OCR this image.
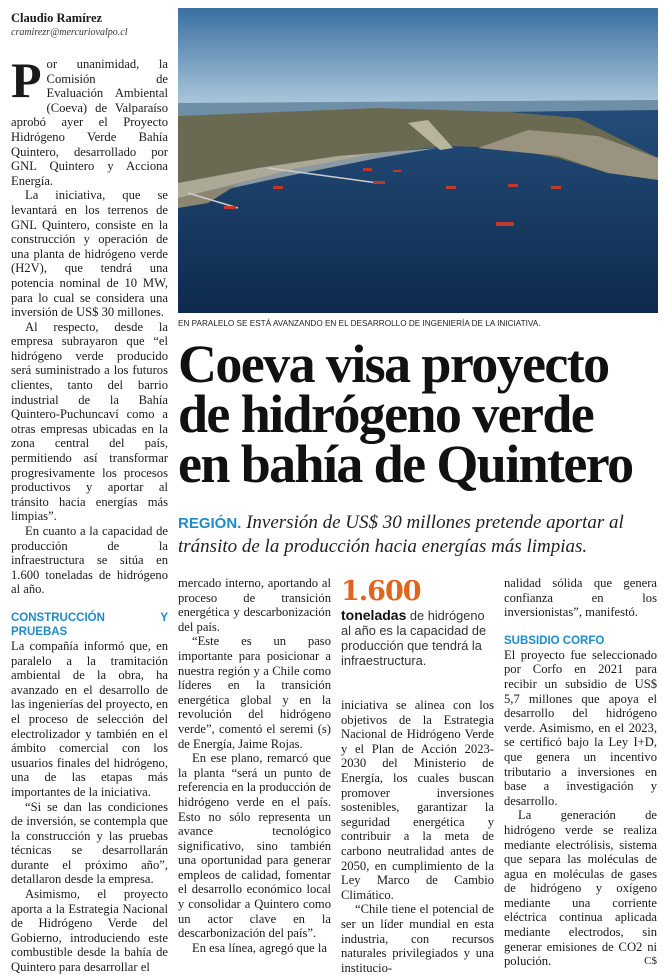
Claudio Ramírez
cramirezr@mercuriovalpo.cl

Por unanimidad, la Comisión de Evaluación Ambiental (Coeva) de Valparaíso aprobó ayer el Proyecto Hidrógeno Verde Bahía Quintero, desarrollado por GNL Quintero y Acciona Energía.

La iniciativa, que se levantará en los terrenos de GNL Quintero, consiste en la construcción y operación de una planta de hidrógeno verde (H2V), que tendrá una potencia nominal de 10 MW, para lo cual se considera una inversión de US$ 30 millones.

Al respecto, desde la empresa subrayaron que “el hidrógeno verde producido será suministrado a los futuros clientes, tanto del barrio industrial de la Bahía Quintero-Puchuncaví como a otras empresas ubicadas en la zona central del país, permitiendo así transformar progresivamente los procesos productivos y aportar al tránsito hacia energías más limpias”.

En cuanto a la capacidad de producción de la infraestructura se sitúa en 1.600 toneladas de hidrógeno al año.

CONSTRUCCIÓN Y PRUEBAS

La compañía informó que, en paralelo a la tramitación ambiental de la obra, ha avanzado en el desarrollo de las ingenierías del proyecto, en el proceso de selección del electrolizador y también en el ámbito comercial con los usuarios finales del hidrógeno, una de las etapas más importantes de la iniciativa.

“Si se dan las condiciones de inversión, se contempla que la construcción y las pruebas técnicas se desarrollarán durante el próximo año”, detallaron desde la empresa.

Asimismo, el proyecto aporta a la Estrategia Nacional de Hidrógeno Verde del Gobierno, introduciendo este combustible desde la bahía de Quintero para desarrollar el

EN PARALELO SE ESTÁ AVANZANDO EN EL DESARROLLO DE INGENIERÍA DE LA INICIATIVA.
Coeva visa proyecto
de hidrógeno verde
en bahía de Quintero
REGIÓN. Inversión de US$ 30 millones pretende aportar al tránsito de la producción hacia energías más limpias.

mercado interno, aportando al proceso de transición energética y descarbonización del país.

“Este es un paso importante para posicionar a nuestra región y a Chile como líderes en la transición energética global y en la revolución del hidrógeno verde”, comentó el seremi (s) de Energía, Jaime Rojas.

En ese plano, remarcó que la planta “será un punto de referencia en la producción de hidrógeno verde en el país. Esto no sólo representa un avance tecnológico significativo, sino también una oportunidad para generar empleos de calidad, fomentar el desarrollo económico local y consolidar a Quintero como un actor clave en la descarbonización del país”.

En esa línea, agregó que la

1.600
toneladas de hidrógeno al año es la capacidad de producción que tendrá la infraestructura.

iniciativa se alinea con los objetivos de la Estrategia Nacional de Hidrógeno Verde y el Plan de Acción 2023-2030 del Ministerio de Energía, los cuales buscan promover inversiones sostenibles, garantizar la seguridad energética y contribuir a la meta de carbono neutralidad antes de 2050, en cumplimiento de la Ley Marco de Cambio Climático.

“Chile tiene el potencial de ser un líder mundial en esta industria, con recursos naturales privilegiados y una institucio-

nalidad sólida que genera confianza en los inversionistas”, manifestó.

SUBSIDIO CORFO

El proyecto fue seleccionado por Corfo en 2021 para recibir un subsidio de US$ 5,7 millones que apoya el desarrollo del hidrógeno verde. Asimismo, en el 2023, se certificó bajo la Ley I+D, que genera un incentivo tributario a inversiones en base a investigación y desarrollo.

La generación de hidrógeno verde se realiza mediante electrólisis, sistema que separa las moléculas de agua en moléculas de gases de hidrógeno y oxígeno mediante una corriente eléctrica continua aplicada mediante electrodos, sin generar emisiones de CO2 ni polución.	C$
